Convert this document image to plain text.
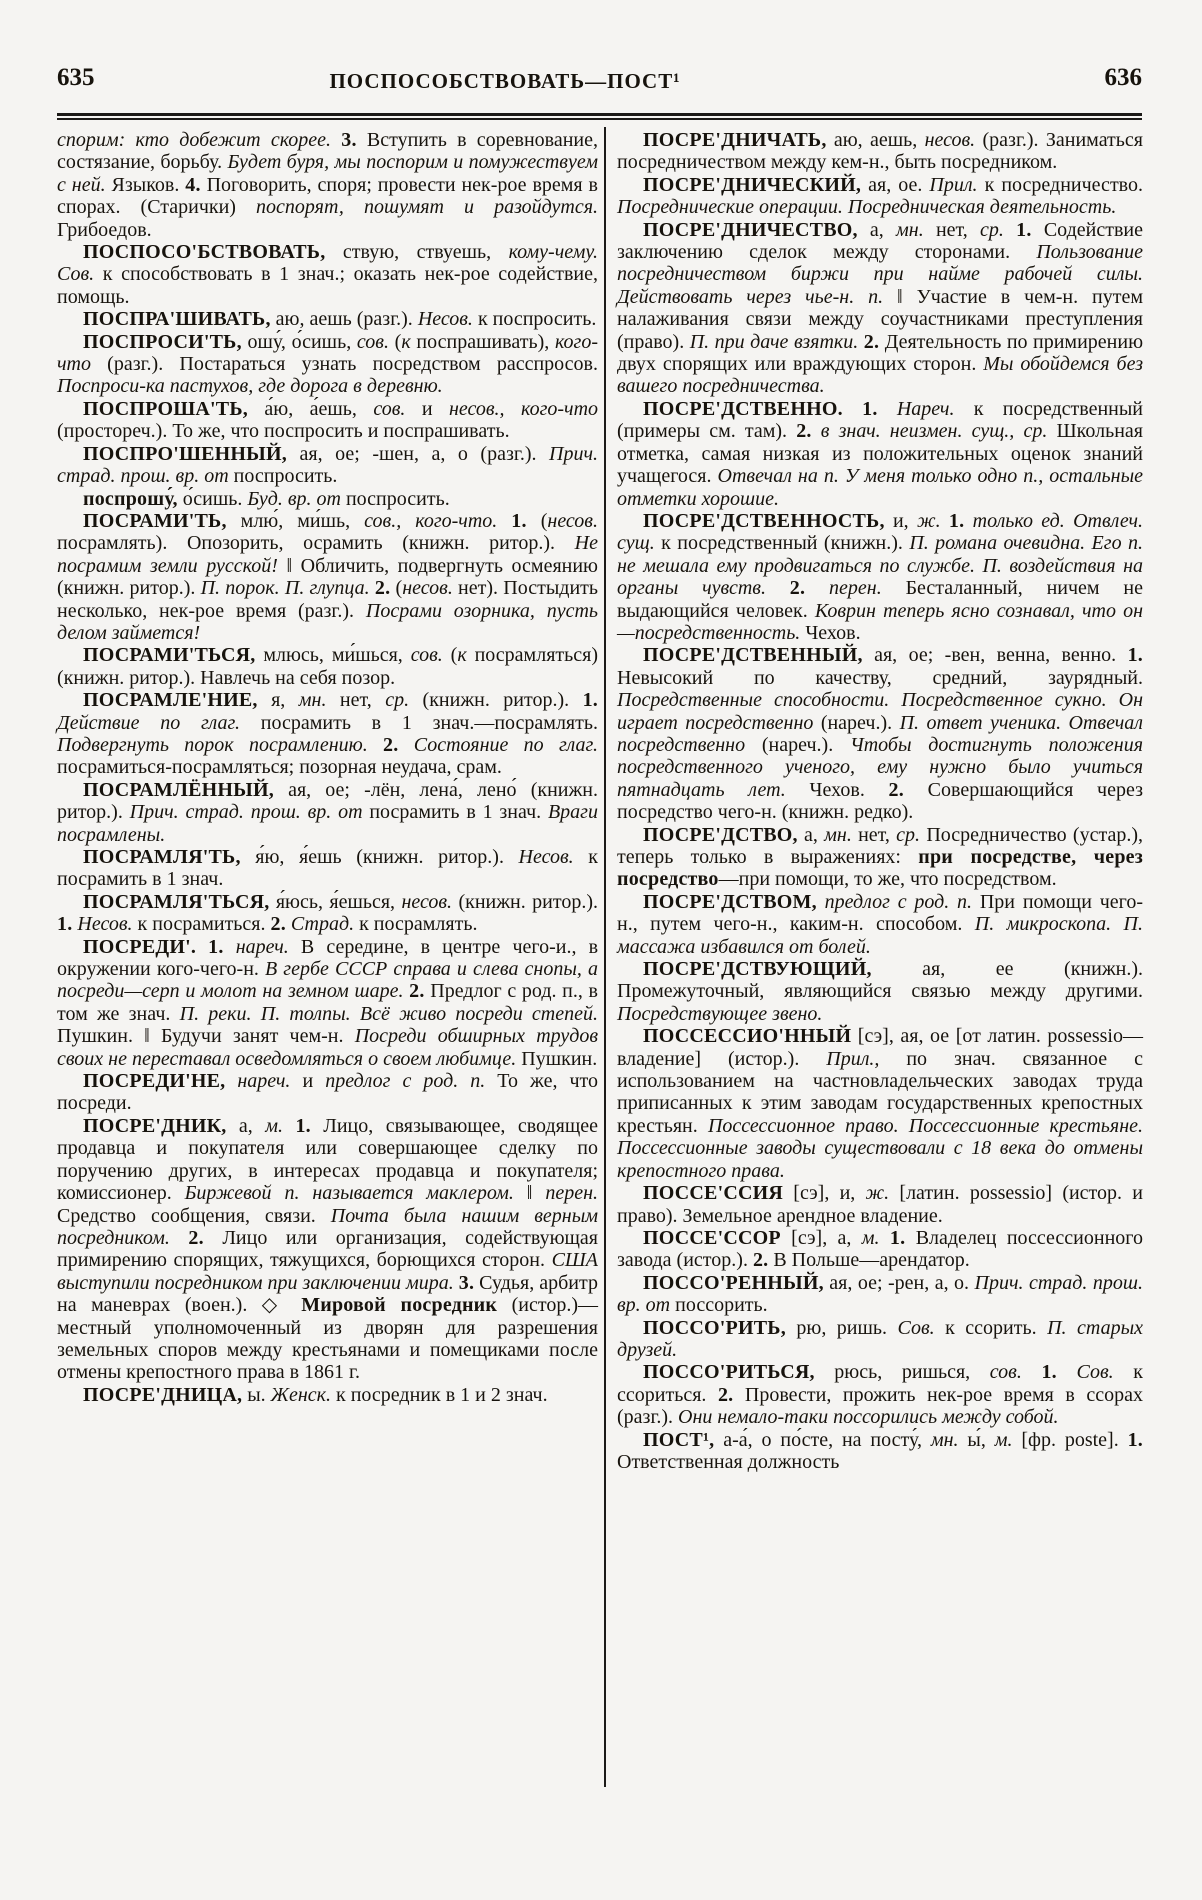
635	ПОСПОСОБСТВОВАТЬ—ПОСТ¹	636

спорим: кто добежит скорее. 3. Вступить в соревнование, состязание, борьбу. Будет буря, мы поспорим и помужествуем с ней. Языков. 4. Поговорить, споря; провести нек-рое время в спорах. (Старички) поспорят, пошумят и разойдутся. Грибоедов.

ПОСПОСО'БСТВОВАТЬ, ствую, ствуешь, кому-чему. Сов. к способствовать в 1 знач.; оказать нек-рое содействие, помощь.

ПОСПРА'ШИВАТЬ, аю, аешь (разг.). Несов. к поспросить.

ПОСПРОСИ'ТЬ, ошу́, о́сишь, сов. (к поспрашивать), кого-что (разг.). Постараться узнать посредством расспросов. Поспроси-ка пастухов, где дорога в деревню.

ПОСПРОША'ТЬ, а́ю, а́ешь, сов. и несов., кого-что (простореч.). То же, что поспросить и поспрашивать.

ПОСПРО'ШЕННЫЙ, ая, ое; -шен, а, о (разг.). Прич. страд. прош. вр. от поспросить.

поспрошу́, о́сишь. Буд. вр. от поспросить.

ПОСРАМИ'ТЬ, млю́, ми́шь, сов., кого-что. 1. (несов. посрамлять). Опозорить, осрамить (книжн. ритор.). Не посрамим земли русской! ‖ Обличить, подвергнуть осмеянию (книжн. ритор.). П. порок. П. глупца. 2. (несов. нет). Постыдить несколько, нек-рое время (разг.). Посрами озорника, пусть делом займется!

ПОСРАМИ'ТЬСЯ, млюсь, ми́шься, сов. (к посрамляться) (книжн. ритор.). Навлечь на себя позор.

ПОСРАМЛЕ'НИЕ, я, мн. нет, ср. (книжн. ритор.). 1. Действие по глаг. посрамить в 1 знач.—посрамлять. Подвергнуть порок посрамлению. 2. Состояние по глаг. посрамиться-посрамляться; позорная неудача, срам.

ПОСРАМЛЁННЫЙ, ая, ое; -лён, лена́, лено́ (книжн. ритор.). Прич. страд. прош. вр. от посрамить в 1 знач. Враги посрамлены.

ПОСРАМЛЯ'ТЬ, я́ю, я́ешь (книжн. ритор.). Несов. к посрамить в 1 знач.

ПОСРАМЛЯ'ТЬСЯ, я́юсь, я́ешься, несов. (книжн. ритор.). 1. Несов. к посрамиться. 2. Страд. к посрамлять.

ПОСРЕДИ'. 1. нареч. В середине, в центре чего-и., в окружении кого-чего-н. В гербе СССР справа и слева снопы, а посреди—серп и молот на земном шаре. 2. Предлог с род. п., в том же знач. П. реки. П. толпы. Всё живо посреди степей. Пушкин. ‖ Будучи занят чем-н. Посреди обширных трудов своих не переставал осведомляться о своем любимце. Пушкин.

ПОСРЕДИ'НЕ, нареч. и предлог с род. п. То же, что посреди.

ПОСРЕ'ДНИК, а, м. 1. Лицо, связывающее, сводящее продавца и покупателя или совершающее сделку по поручению других, в интересах продавца и покупателя; комиссионер. Биржевой п. называется маклером. ‖ перен. Средство сообщения, связи. Почта была нашим верным посредником. 2. Лицо или организация, содействующая примирению спорящих, тяжущихся, борющихся сторон. США выступили посредником при заключении мира. 3. Судья, арбитр на маневрах (воен.). ◇ Мировой посредник (истор.)—местный уполномоченный из дворян для разрешения земельных споров между крестьянами и помещиками после отмены крепостного права в 1861 г.

ПОСРЕ'ДНИЦА, ы. Женск. к посредник в 1 и 2 знач.

ПОСРЕ'ДНИЧАТЬ, аю, аешь, несов. (разг.). Заниматься посредничеством между кем-н., быть посредником.

ПОСРЕ'ДНИЧЕСКИЙ, ая, ое. Прил. к посредничество. Посреднические операции. Посредническая деятельность.

ПОСРЕ'ДНИЧЕСТВО, а, мн. нет, ср. 1. Содействие заключению сделок между сторонами. Пользование посредничеством биржи при найме рабочей силы. Действовать через чье-н. п. ‖ Участие в чем-н. путем налаживания связи между соучастниками преступления (право). П. при даче взятки. 2. Деятельность по примирению двух спорящих или враждующих сторон. Мы обойдемся без вашего посредничества.

ПОСРЕ'ДСТВЕННО. 1. Нареч. к посредственный (примеры см. там). 2. в знач. неизмен. сущ., ср. Школьная отметка, самая низкая из положительных оценок знаний учащегося. Отвечал на п. У меня только одно п., остальные отметки хорошие.

ПОСРЕ'ДСТВЕННОСТЬ, и, ж. 1. только ед. Отвлеч. сущ. к посредственный (книжн.). П. романа очевидна. Его п. не мешала ему продвигаться по службе. П. воздействия на органы чувств. 2. перен. Бесталанный, ничем не выдающийся человек. Коврин теперь ясно сознавал, что он—посредственность. Чехов.

ПОСРЕ'ДСТВЕННЫЙ, ая, ое; -вен, венна, венно. 1. Невысокий по качеству, средний, заурядный. Посредственные способности. Посредственное сукно. Он играет посредственно (нареч.). П. ответ ученика. Отвечал посредственно (нареч.). Чтобы достигнуть положения посредственного ученого, ему нужно было учиться пятнадцать лет. Чехов. 2. Совершающийся через посредство чего-н. (книжн. редко).

ПОСРЕ'ДСТВО, а, мн. нет, ср. Посредничество (устар.), теперь только в выражениях: при посредстве, через посредство—при помощи, то же, что посредством.

ПОСРЕ'ДСТВОМ, предлог с род. п. При помощи чего-н., путем чего-н., каким-н. способом. П. микроскопа. П. массажа избавился от болей.

ПОСРЕ'ДСТВУЮЩИЙ, ая, ее (книжн.). Промежуточный, являющийся связью между другими. Посредствующее звено.

ПОССЕССИО'ННЫЙ [сэ], ая, ое [от латин. possessio—владение] (истор.). Прил., по знач. связанное с использованием на частновладельческих заводах труда приписанных к этим заводам государственных крепостных крестьян. Поссессионное право. Поссессионные крестьяне. Поссессионные заводы существовали с 18 века до отмены крепостного права.

ПОССЕ'ССИЯ [сэ], и, ж. [латин. possessio] (истор. и право). Земельное арендное владение.

ПОССЕ'ССОР [сэ], а, м. 1. Владелец поссессионного завода (истор.). 2. В Польше—арендатор.

ПОССО'РЕННЫЙ, ая, ое; -рен, а, о. Прич. страд. прош. вр. от поссорить.

ПОССО'РИТЬ, рю, ришь. Сов. к ссорить. П. старых друзей.

ПОССО'РИТЬСЯ, рюсь, ришься, сов. 1. Сов. к ссориться. 2. Провести, прожить нек-рое время в ссорах (разг.). Они немало-таки поссорились между собой.

ПОСТ¹, а-а́, о по́сте, на посту́, мн. ы́, м. [фр. poste]. 1. Ответственная должность
